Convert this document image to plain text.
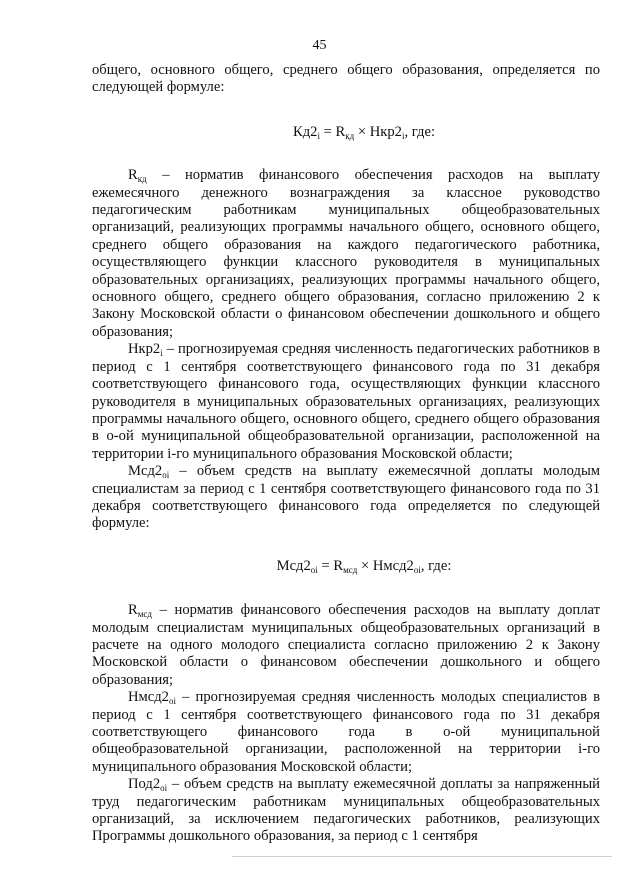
45

общего, основного общего, среднего общего образования, определяется по следующей формуле:

$Кд2_i = R_{кд} \times Нкр2_i$, где:

$R_{кд}$ – норматив финансового обеспечения расходов на выплату ежемесячного денежного вознаграждения за классное руководство педагогическим работникам муниципальных общеобразовательных организаций, реализующих программы начального общего, основного общего, среднего общего образования на каждого педагогического работника, осуществляющего функции классного руководителя в муниципальных образовательных организациях, реализующих программы начального общего, основного общего, среднего общего образования, согласно приложению 2 к Закону Московской области о финансовом обеспечении дошкольного и общего образования;

$Нкр2_i$ – прогнозируемая средняя численность педагогических работников в период с 1 сентября соответствующего финансового года по 31 декабря соответствующего финансового года, осуществляющих функции классного руководителя в муниципальных образовательных организациях, реализующих программы начального общего, основного общего, среднего общего образования в о-ой муниципальной общеобразовательной организации, расположенной на территории i-го муниципального образования Московской области;

$Мсд2_{oi}$ – объем средств на выплату ежемесячной доплаты молодым специалистам за период с 1 сентября соответствующего финансового года по 31 декабря соответствующего финансового года определяется по следующей формуле:

$Мсд2_{oi} = R_{мсд}$ × $Нмсд2_{oi}$, где:

$R_{мсд}$ – норматив финансового обеспечения расходов на выплату доплат молодым специалистам муниципальных общеобразовательных организаций в расчете на одного молодого специалиста согласно приложению 2 к Закону Московской области о финансовом обеспечении дошкольного и общего образования;

$Нмсд2_{oi}$ – прогнозируемая средняя численность молодых специалистов в период с 1 сентября соответствующего финансового года по 31 декабря соответствующего финансового года в о-ой муниципальной общеобразовательной организации, расположенной на территории i-го муниципального образования Московской области;

$Под2_{oi}$ – объем средств на выплату ежемесячной доплаты за напряженный труд педагогическим работникам муниципальных общеобразовательных организаций, за исключением педагогических работников, реализующих Программы дошкольного образования, за период с 1 сентября
